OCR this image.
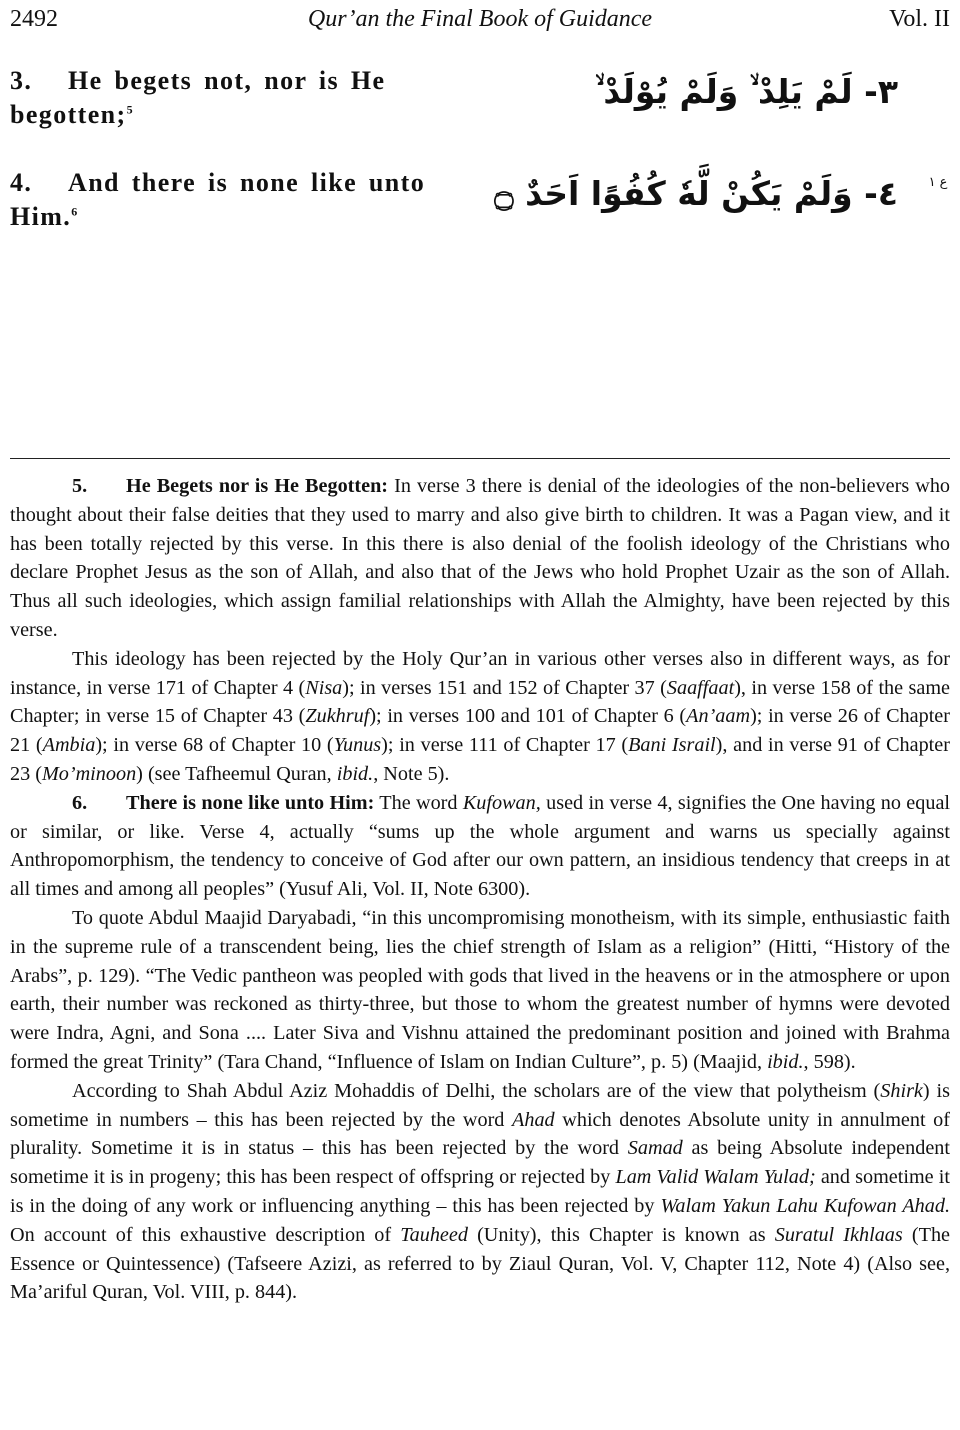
2492	Qur’an the Final Book of Guidance	Vol. II
3. He begets not, nor is He begotten;$^5$	٣- لَمْ يَلِدْ ۙ وَلَمْ يُوْلَدْ ۙ
4. And there is none like unto Him.$^6$	٤- وَلَمْ يَكُنْ لَّهٗ كُفُوًا اَحَدٌ ۝	ع ١

5. He Begets nor is He Begotten: In verse 3 there is denial of the ideologies of the non-believers who thought about their false deities that they used to marry and also give birth to children. It was a Pagan view, and it has been totally rejected by this verse. In this there is also denial of the foolish ideology of the Christians who declare Prophet Jesus as the son of Allah, and also that of the Jews who hold Prophet Uzair as the son of Allah. Thus all such ideologies, which assign familial relationships with Allah the Almighty, have been rejected by this verse.

This ideology has been rejected by the Holy Qur’an in various other verses also in different ways, as for instance, in verse 171 of Chapter 4 (Nisa); in verses 151 and 152 of Chapter 37 (Saaffaat), in verse 158 of the same Chapter; in verse 15 of Chapter 43 (Zukhruf); in verses 100 and 101 of Chapter 6 (An’aam); in verse 26 of Chapter 21 (Ambia); in verse 68 of Chapter 10 (Yunus); in verse 111 of Chapter 17 (Bani Israil), and in verse 91 of Chapter 23 (Mo’minoon) (see Tafheemul Quran, ibid., Note 5).

6. There is none like unto Him: The word Kufowan, used in verse 4, signifies the One having no equal or similar, or like. Verse 4, actually “sums up the whole argument and warns us specially against Anthropomorphism, the tendency to conceive of God after our own pattern, an insidious tendency that creeps in at all times and among all peoples” (Yusuf Ali, Vol. II, Note 6300).

To quote Abdul Maajid Daryabadi, “in this uncompromising monotheism, with its simple, enthusiastic faith in the supreme rule of a transcendent being, lies the chief strength of Islam as a religion” (Hitti, “History of the Arabs”, p. 129). “The Vedic pantheon was peopled with gods that lived in the heavens or in the atmosphere or upon earth, their number was reckoned as thirty-three, but those to whom the greatest number of hymns were devoted were Indra, Agni, and Sona .... Later Siva and Vishnu attained the predominant position and joined with Brahma formed the great Trinity” (Tara Chand, “Influence of Islam on Indian Culture”, p. 5) (Maajid, ibid., 598).

According to Shah Abdul Aziz Mohaddis of Delhi, the scholars are of the view that polytheism (Shirk) is sometime in numbers – this has been rejected by the word Ahad which denotes Absolute unity in annulment of plurality. Sometime it is in status – this has been rejected by the word Samad as being Absolute independent sometime it is in progeny; this has been respect of offspring or rejected by Lam Valid Walam Yulad; and sometime it is in the doing of any work or influencing anything – this has been rejected by Walam Yakun Lahu Kufowan Ahad. On account of this exhaustive description of Tauheed (Unity), this Chapter is known as Suratul Ikhlaas (The Essence or Quintessence) (Tafseere Azizi, as referred to by Ziaul Quran, Vol. V, Chapter 112, Note 4) (Also see, Ma’ariful Quran, Vol. VIII, p. 844).
